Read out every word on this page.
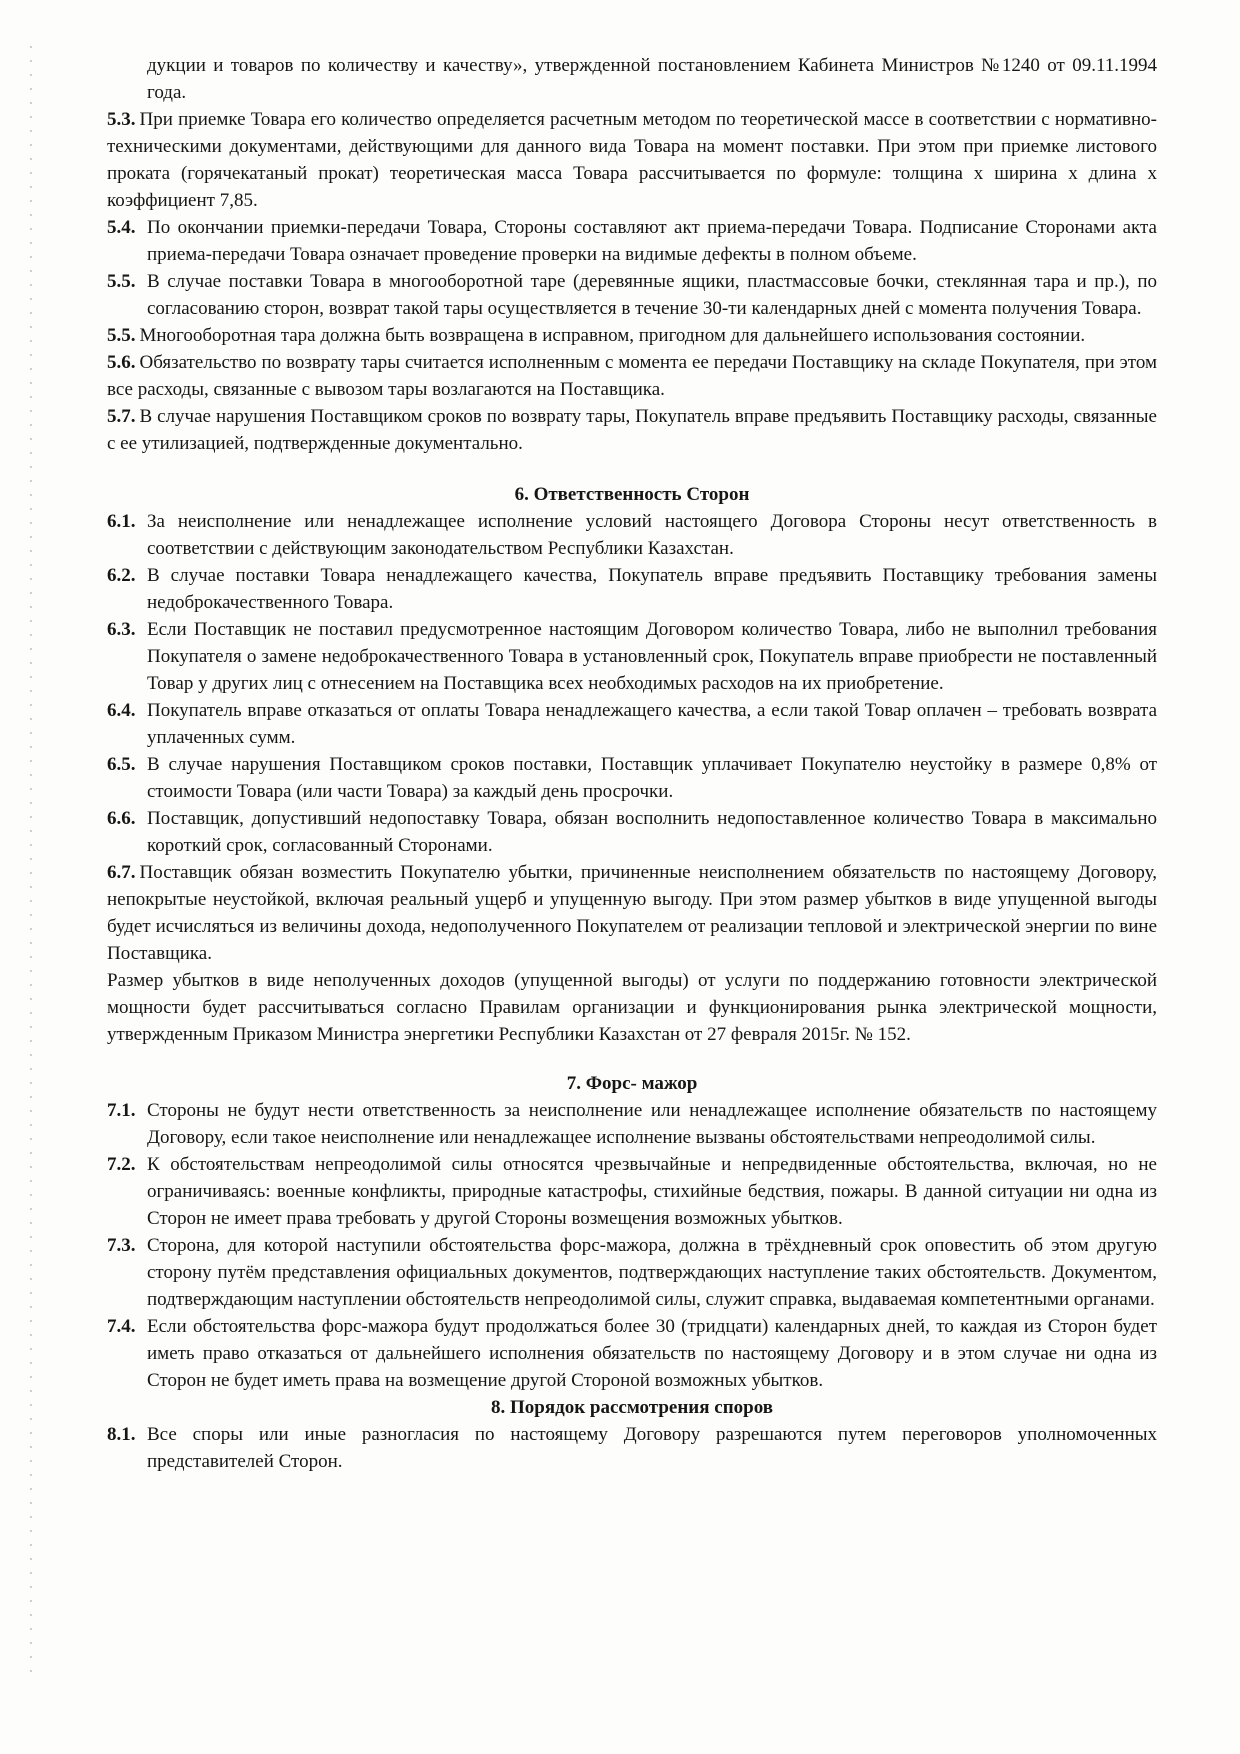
дукции и товаров по количеству и качеству», утвержденной постановлением Кабинета Министров №1240 от 09.11.1994 года.
5.3. При приемке Товара его количество определяется расчетным методом по теоретической массе в соответствии с нормативно-техническими документами, действующими для данного вида Товара на момент поставки. При этом при приемке листового проката (горячекатаный прокат) теоретическая масса Товара рассчитывается по формуле: толщина х ширина х длина х коэффициент 7,85.
5.4. По окончании приемки-передачи Товара, Стороны составляют акт приема-передачи Товара. Подписание Сторонами акта приема-передачи Товара означает проведение проверки на видимые дефекты в полном объеме.
5.5. В случае поставки Товара в многооборотной таре (деревянные ящики, пластмассовые бочки, стеклянная тара и пр.), по согласованию сторон, возврат такой тары осуществляется в течение 30-ти календарных дней с момента получения Товара.
5.5. Многооборотная тара должна быть возвращена в исправном, пригодном для дальнейшего использования состоянии.
5.6. Обязательство по возврату тары считается исполненным с момента ее передачи Поставщику на складе Покупателя, при этом все расходы, связанные с вывозом тары возлагаются на Поставщика.
5.7. В случае нарушения Поставщиком сроков по возврату тары, Покупатель вправе предъявить Поставщику расходы, связанные с ее утилизацией, подтвержденные документально.
6. Ответственность Сторон
6.1. За неисполнение или ненадлежащее исполнение условий настоящего Договора Стороны несут ответственность в соответствии с действующим законодательством Республики Казахстан.
6.2. В случае поставки Товара ненадлежащего качества, Покупатель вправе предъявить Поставщику требования замены недоброкачественного Товара.
6.3. Если Поставщик не поставил предусмотренное настоящим Договором количество Товара, либо не выполнил требования Покупателя о замене недоброкачественного Товара в установленный срок, Покупатель вправе приобрести не поставленный Товар у других лиц с отнесением на Поставщика всех необходимых расходов на их приобретение.
6.4. Покупатель вправе отказаться от оплаты Товара ненадлежащего качества, а если такой Товар оплачен – требовать возврата уплаченных сумм.
6.5. В случае нарушения Поставщиком сроков поставки, Поставщик уплачивает Покупателю неустойку в размере 0,8% от стоимости Товара (или части Товара) за каждый день просрочки.
6.6. Поставщик, допустивший недопоставку Товара, обязан восполнить недопоставленное количество Товара в максимально короткий срок, согласованный Сторонами.
6.7. Поставщик обязан возместить Покупателю убытки, причиненные неисполнением обязательств по настоящему Договору, непокрытые неустойкой, включая реальный ущерб и упущенную выгоду. При этом размер убытков в виде упущенной выгоды будет исчисляться из величины дохода, недополученного Покупателем от реализации тепловой и электрической энергии по вине Поставщика.
Размер убытков в виде неполученных доходов (упущенной выгоды) от услуги по поддержанию готовности электрической мощности будет рассчитываться согласно Правилам организации и функционирования рынка электрической мощности, утвержденным Приказом Министра энергетики Республики Казахстан от 27 февраля 2015г. № 152.
7. Форс- мажор
7.1. Стороны не будут нести ответственность за неисполнение или ненадлежащее исполнение обязательств по настоящему Договору, если такое неисполнение или ненадлежащее исполнение вызваны обстоятельствами непреодолимой силы.
7.2. К обстоятельствам непреодолимой силы относятся чрезвычайные и непредвиденные обстоятельства, включая, но не ограничиваясь: военные конфликты, природные катастрофы, стихийные бедствия, пожары. В данной ситуации ни одна из Сторон не имеет права требовать у другой Стороны возмещения возможных убытков.
7.3. Сторона, для которой наступили обстоятельства форс-мажора, должна в трёхдневный срок оповестить об этом другую сторону путём представления официальных документов, подтверждающих наступление таких обстоятельств. Документом, подтверждающим наступлении обстоятельств непреодолимой силы, служит справка, выдаваемая компетентными органами.
7.4. Если обстоятельства форс-мажора будут продолжаться более 30 (тридцати) календарных дней, то каждая из Сторон будет иметь право отказаться от дальнейшего исполнения обязательств по настоящему Договору и в этом случае ни одна из Сторон не будет иметь права на возмещение другой Стороной возможных убытков.
8. Порядок рассмотрения споров
8.1. Все споры или иные разногласия по настоящему Договору разрешаются путем переговоров уполномоченных представителей Сторон.
